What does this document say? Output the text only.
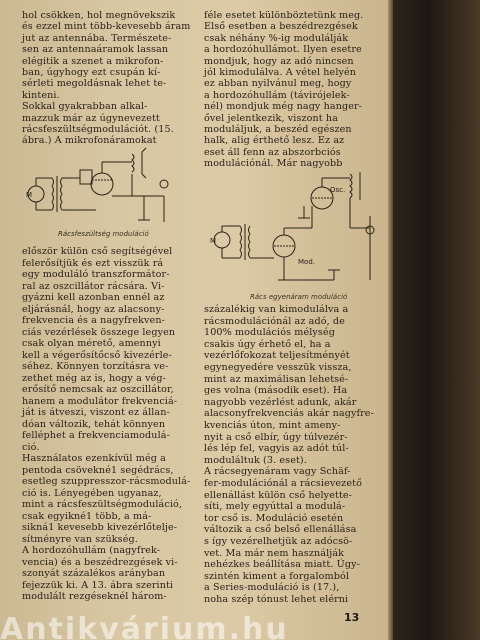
hol csökken, hol megnövekszik
és ezzel mint több-kevesebb áram
jut az antennába. Természete-
sen az antennaáramok lassan
elégitik a szenet a mikrofon-
ban, úgyhogy ezt csupán kí-
sérleti megoldásnak lehet te-
kinteni.
Sokkal gyakrabban alkal-
mazzuk már az úgynevezett
rácsfeszültségmodulációt. (15.
ábra.) A mikrofonáramokat
M
Rácsfeszültség moduláció
először külön cső segítségével
felerősítjük és ezt visszük rá
egy moduláló transzformátor-
ral az oszcillátor rácsára. Vi-
gyázni kell azonban ennél az
eljárásnál, hogy az alacsony-
frekvencia és a nagyfrekven-
ciás vezérlések összege legyen
csak olyan mérető, amennyi
kell a végerősítőcső kivezérle-
séhez. Könnyen torzításra ve-
zethet még az is, hogy a vég-
erősítő nemcsak az oszcillátor,
hanem a modulátor frekvenciá-
ját is átveszi, viszont ez állan-
dóan változik, tehát könnyen
felléphet a frekvenciamodulá-
ció.
Használatos ezenkívül még a
pentoda csövekné1 segédrács,
esetleg szuppresszor-rácsmodulá-
ció is. Lényegében ugyanaz,
mint a rácsfeszültségmoduláció,
csak egyikné1 több, a má-
sikná1 kevesebb kivezérlőtelje-
sítményre van szükség.
A hordozóhullám (nagyfrek-
vencia) és a beszédrezgések vi-
szonyát százalékos arányban
fejezzük ki. A 13. ábra szerinti
modulált rezgéseknél három-
féle esetet különböztetünk meg.
Első esetben a beszédrezgések
csak néhány %-ig modulálják
a hordozóhullámot. Ilyen esetre
mondjuk, hogy az adó nincsen
jól kimodulálva. A vétel helyén
ez abban nyilvánul meg, hogy
a hordozóhullám (távirójelek-
nél) mondjuk még nagy hanger-
ővel jelentkezik, viszont ha
moduláljuk, a beszéd egészen
halk, alig érthető lesz. Ez az
eset áll fenn az abszorbciós
modulációnál. Már nagyobb
Osc.
Mod.
M
Rács egyenáram moduláció
százalékig van kimodulálva a
rácsmodulációnál az adó, de
100% modulációs mélység
csakis úgy érhető el, ha a
vezérlőfokozat teljesítményét
egynegyedére vesszük vissza,
mint az maximálisan lehetsé-
ges volna (második eset). Ha
nagyobb vezérlést adunk, akár
alacsonyfrekvenciás akár nagyfre-
kvenciás úton, mint ameny-
nyit a cső elbír, úgy túlvezér-
lés lép fel, vagyis az adót túl-
moduláltuk (3. eset).
A rácsegyenáram vagy Schäf-
fer-modulációnál a rácsievezető
ellenállást külön cső helyette-
síti, mely egyúttal a modulá-
tor cső is. Moduláció esetén
változik a cső belső ellenállása
s így vezérelhetjük az adócsö-
vet. Ma már nem használják
nehézkes beállítása miatt. Úgy-
szintén kiment a forgalomból
a Series-moduláció is (17.),
noha szép tónust lehet elérni
13
Antikvárium.hu
